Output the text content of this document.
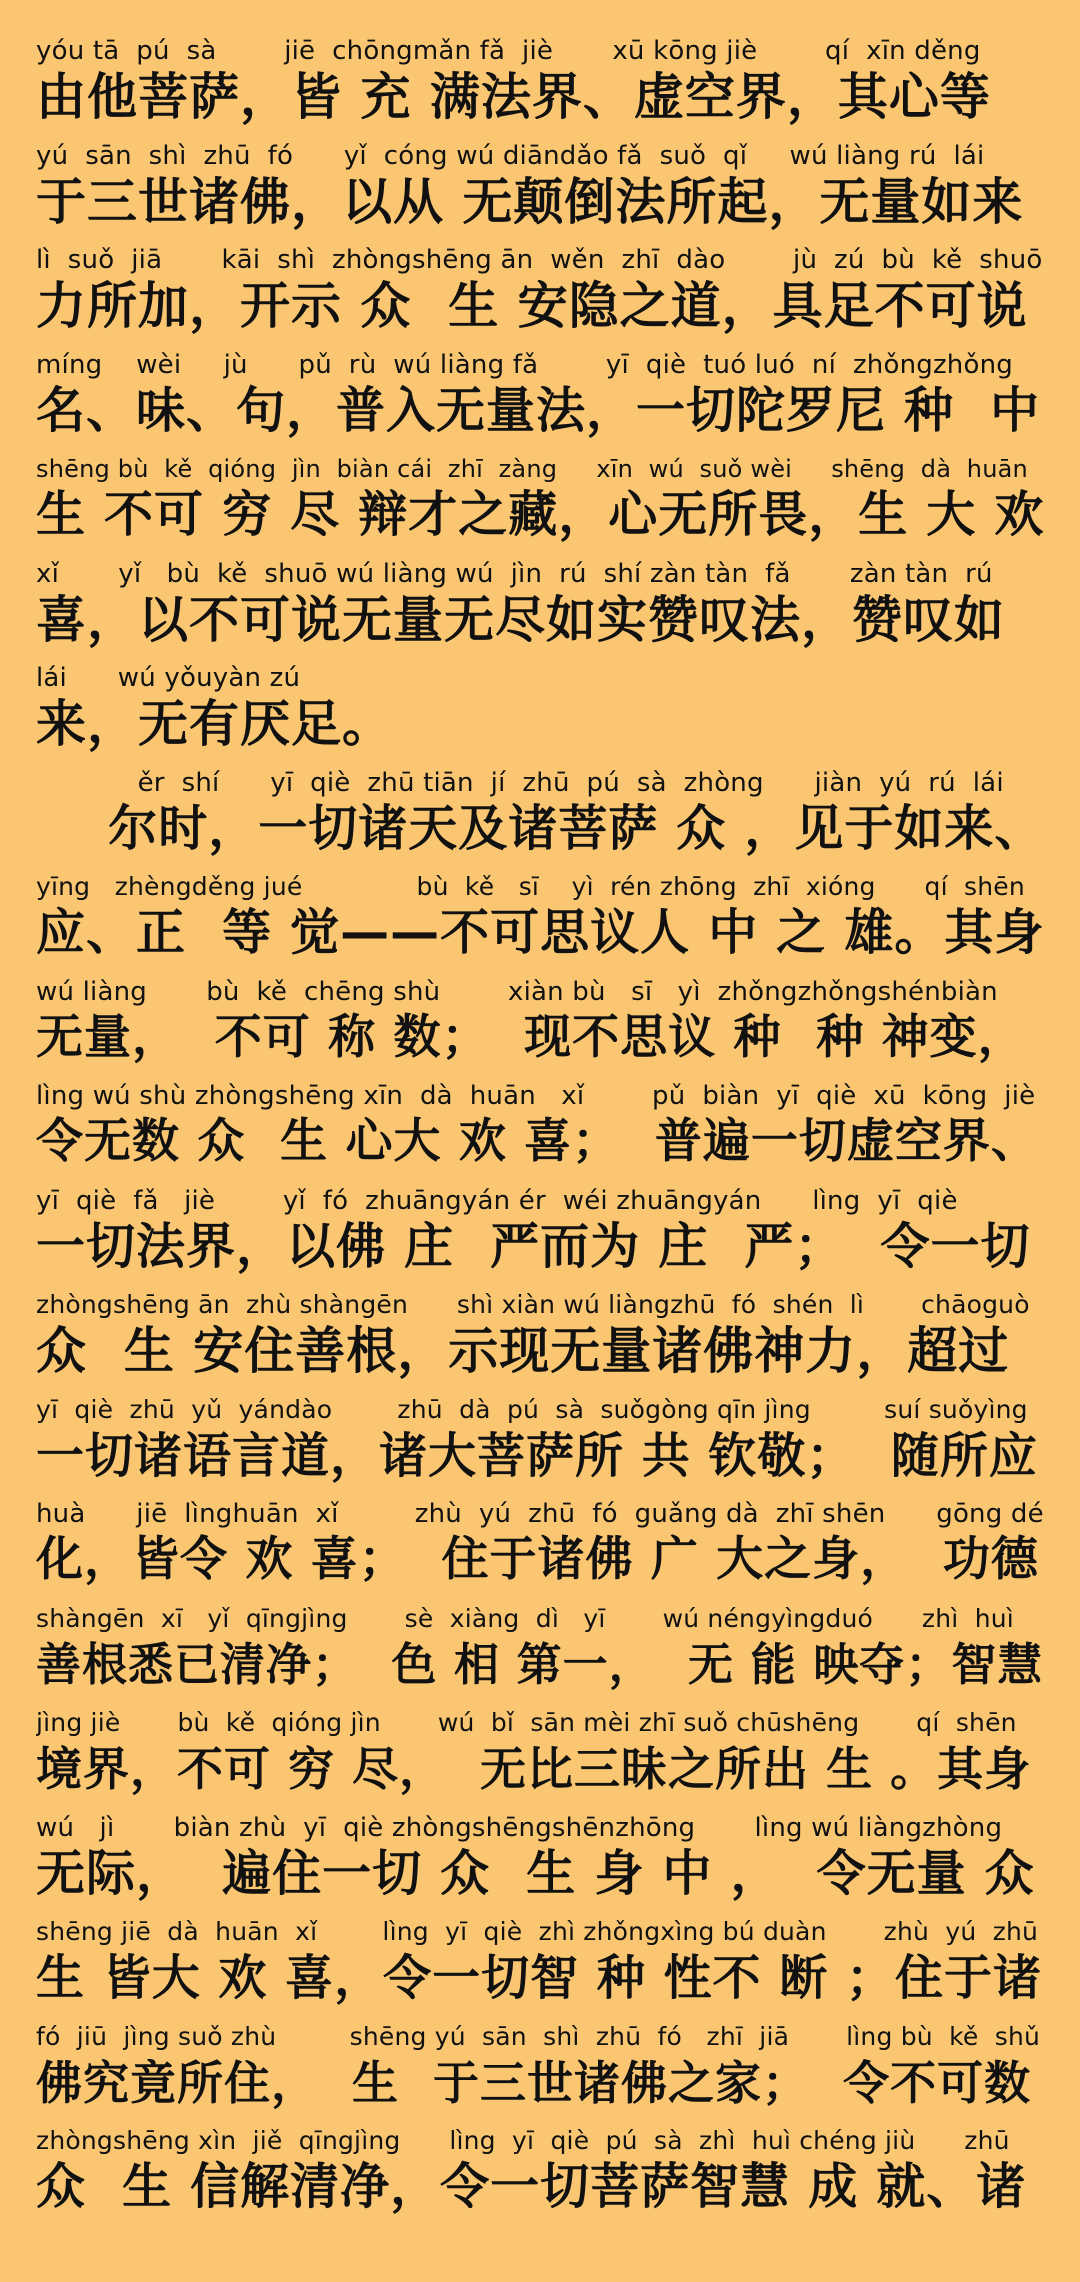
yóu tā  pú  sà        jiē  chōngmǎn fǎ  jiè       xū kōng jiè        qí  xīn děng
由他菩萨，皆 充 满法界、虚空界，其心等
yú  sān  shì  zhū  fó      yǐ  cóng wú diāndǎo fǎ  suǒ  qǐ     wú liàng rú  lái
于三世诸佛，以从 无颠倒法所起，无量如来
lì  suǒ  jiā       kāi  shì  zhòngshēng ān  wěn  zhī  dào        jù  zú  bù  kě  shuō
力所加，开示 众  生 安隐之道，具足不可说
míng    wèi     jù      pǔ  rù  wú liàng fǎ        yī  qiè  tuó luó  ní  zhǒngzhǒng
名、味、句，普入无量法，一切陀罗尼 种  中
shēng bù  kě  qióng  jìn  biàn cái  zhī  zàng     xīn  wú  suǒ wèi     shēng  dà  huān
生 不可 穷 尽 辩才之藏，心无所畏，生 大 欢
xǐ       yǐ   bù  kě  shuō wú liàng wú  jìn  rú  shí zàn tàn  fǎ       zàn tàn  rú
喜，以不可说无量无尽如实赞叹法，赞叹如
lái      wú yǒuyàn zú
来，无有厌足。
ěr  shí      yī  qiè  zhū tiān  jí  zhū  pú  sà  zhòng      jiàn  yú  rú  lái
尔时，一切诸天及诸菩萨 众 ，见于如来、
yīng   zhèngděng jué              bù  kě   sī    yì  rén zhōng  zhī  xióng      qí  shēn
应、正  等 觉——不可思议人 中 之 雄。其身
wú liàng       bù  kě  chēng shù        xiàn bù   sī   yì  zhǒngzhǒngshénbiàn
无量，  不可 称 数；  现不思议 种  种 神变，
lìng wú shù zhòngshēng xīn  dà  huān   xǐ        pǔ  biàn  yī  qiè  xū  kōng  jiè
令无数 众  生 心大 欢 喜；  普遍一切虚空界、
yī  qiè  fǎ   jiè        yǐ  fó  zhuāngyán ér  wéi zhuāngyán      lìng  yī  qiè
一切法界，以佛 庄  严而为 庄  严；  令一切
zhòngshēng ān  zhù shàngēn      shì xiàn wú liàngzhū  fó  shén  lì       chāoguò
众  生 安住善根，示现无量诸佛神力，超过
yī  qiè  zhū  yǔ  yándào        zhū  dà  pú  sà  suǒgòng qīn jìng         suí suǒyìng
一切诸语言道，诸大菩萨所 共 钦敬；  随所应
huà      jiē  lìnghuān  xǐ         zhù  yú  zhū  fó  guǎng dà  zhī shēn      gōng dé
化，皆令 欢 喜；  住于诸佛 广 大之身，  功德
shàngēn  xī   yǐ  qīngjìng       sè  xiàng  dì   yī       wú néngyìngduó      zhì  huì
善根悉已清净；  色 相 第一，  无 能 映夺；智慧
jìng jiè       bù  kě  qióng jìn       wú  bǐ  sān mèi zhī suǒ chūshēng       qí  shēn
境界，不可 穷 尽，  无比三昧之所出 生 。其身
wú   jì       biàn zhù  yī  qiè zhòngshēngshēnzhōng       lìng wú liàngzhòng
无际，  遍住一切 众  生 身 中 ，  令无量 众
shēng jiē  dà  huān  xǐ        lìng  yī  qiè  zhì zhǒngxìng bú duàn       zhù  yú  zhū
生 皆大 欢 喜，令一切智 种 性不 断 ；住于诸
fó  jiū  jìng suǒ zhù         shēng yú  sān  shì  zhū  fó   zhī  jiā       lìng bù  kě  shǔ
佛究竟所住，  生  于三世诸佛之家；  令不可数
zhòngshēng xìn  jiě  qīngjìng      lìng  yī  qiè  pú  sà  zhì  huì chéng jiù      zhū
众  生 信解清净，令一切菩萨智慧 成 就、诸
